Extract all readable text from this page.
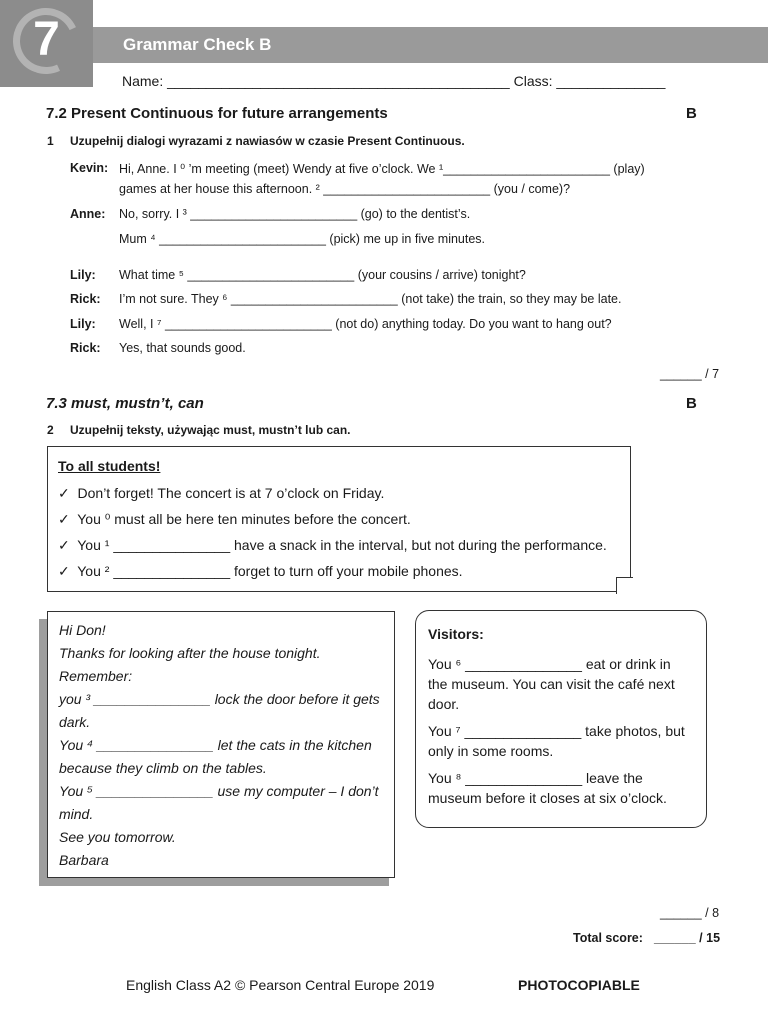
7	Grammar Check B
Name: ____________________________________________ Class: ______________
7.2 Present Continuous for future arrangements	B
1 Uzupełnij dialogi wyrazami z nawiasów w czasie Present Continuous.
Kevin: Hi, Anne. I ⁰ ’m meeting (meet) Wendy at five o’clock. We ¹________________________ (play)
games at her house this afternoon. ² ________________________ (you / come)?
Anne: No, sorry. I ³ ________________________ (go) to the dentist’s.
Mum ⁴ ________________________ (pick) me up in five minutes.
Lily: What time ⁵ ________________________ (your cousins / arrive) tonight?
Rick: I’m not sure. They ⁶ ________________________ (not take) the train, so they may be late.
Lily: Well, I ⁷ ________________________ (not do) anything today. Do you want to hang out?
Rick: Yes, that sounds good.
______ / 7
7.3 must, mustn’t, can	B
2 Uzupełnij teksty, używając must, mustn’t lub can.
To all students!
✓  Don’t forget! The concert is at 7 o’clock on Friday.
✓  You ⁰ must all be here ten minutes before the concert.
✓  You ¹ _______________ have a snack in the interval, but not during the performance.
✓  You ² _______________ forget to turn off your mobile phones.
Hi Don!
Thanks for looking after the house tonight.
Remember:
you ³ _______________ lock the door before it gets
dark.
You ⁴ _______________ let the cats in the kitchen
because they climb on the tables.
You ⁵ _______________ use my computer – I don’t
mind.
See you tomorrow.
Barbara
Visitors:
You ⁶ _______________ eat or drink in
the museum. You can visit the café next
door.
You ⁷ _______________ take photos, but
only in some rooms.
You ⁸ _______________ leave the
museum before it closes at six o’clock.
______ / 8
Total score: ______ / 15
English Class A2 © Pearson Central Europe 2019	PHOTOCOPIABLE
